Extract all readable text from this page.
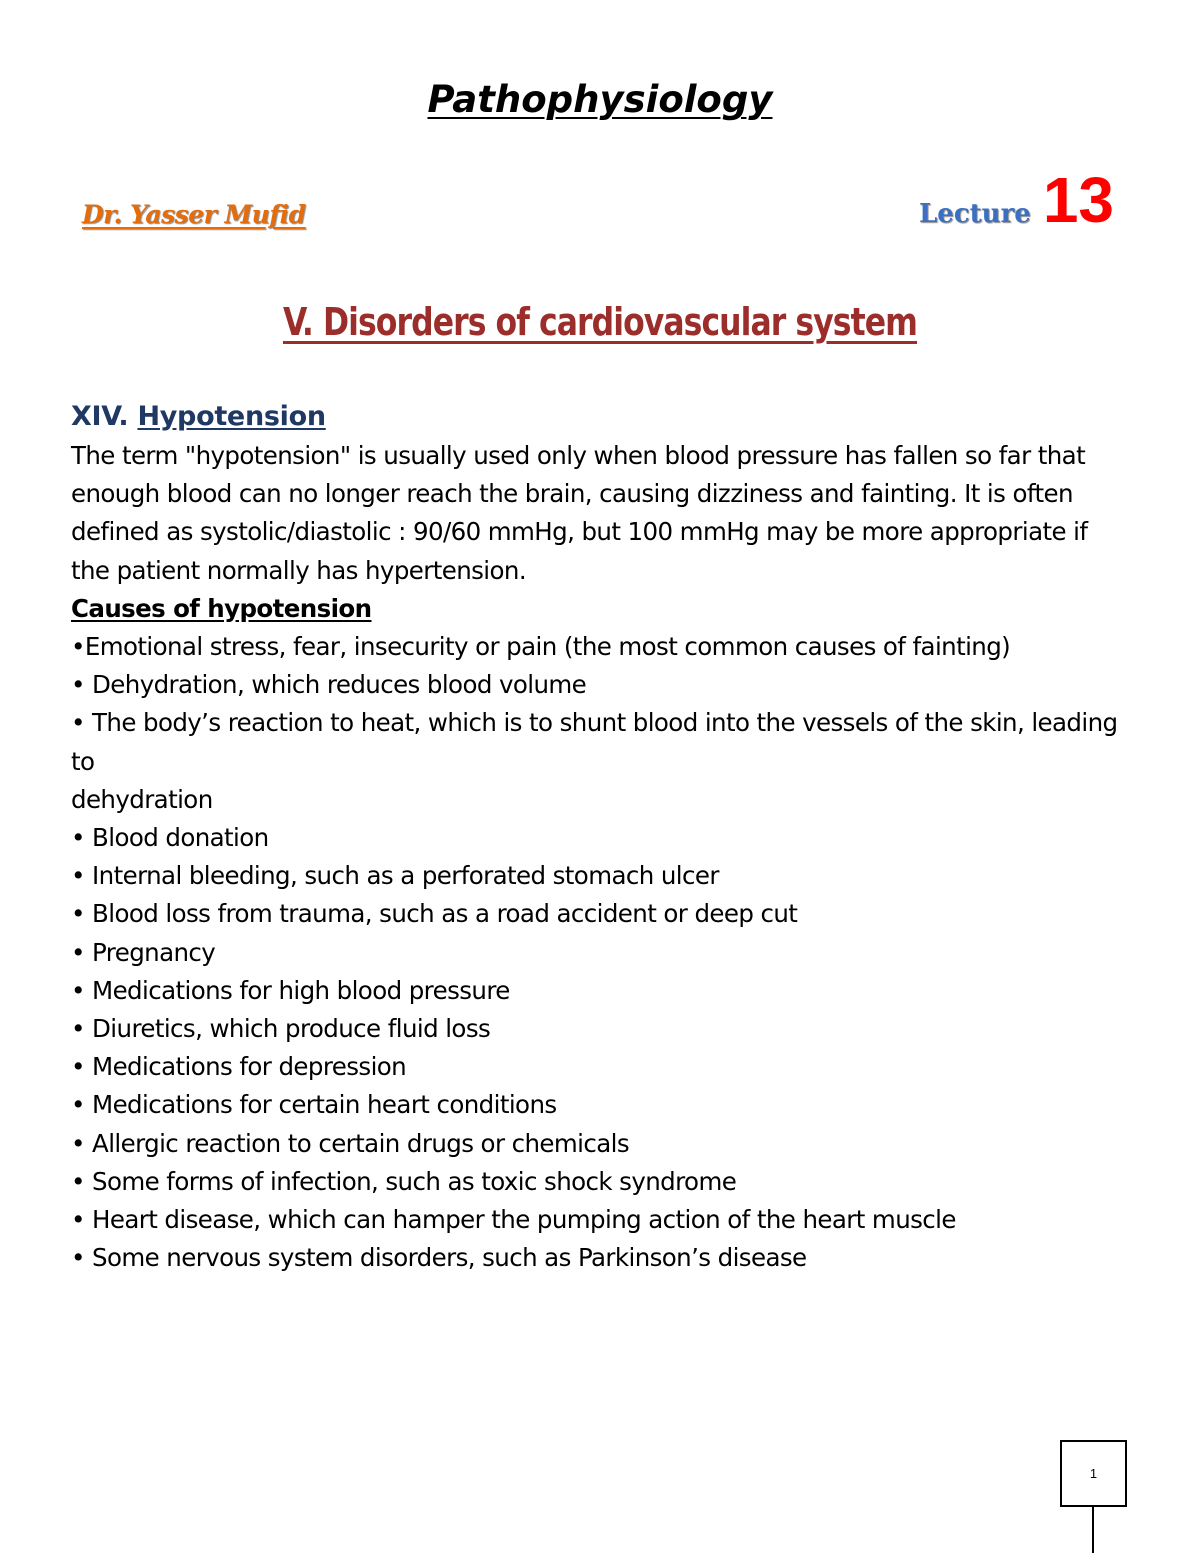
Pathophysiology
Dr. Yasser Mufid	Lecture 13
V. Disorders of cardiovascular system
XIV. Hypotension

The term "hypotension" is usually used only when blood pressure has fallen so far that enough blood can no longer reach the brain, causing dizziness and fainting. It is often defined as systolic/diastolic : 90/60 mmHg, but 100 mmHg may be more appropriate if the patient normally has hypertension.

Causes of hypotension
•Emotional stress, fear, insecurity or pain (the most common causes of fainting)
• Dehydration, which reduces blood volume
• The body’s reaction to heat, which is to shunt blood into the vessels of the skin, leading to
dehydration
• Blood donation
• Internal bleeding, such as a perforated stomach ulcer
• Blood loss from trauma, such as a road accident or deep cut
• Pregnancy
• Medications for high blood pressure
• Diuretics, which produce fluid loss
• Medications for depression
• Medications for certain heart conditions
• Allergic reaction to certain drugs or chemicals
• Some forms of infection, such as toxic shock syndrome
• Heart disease, which can hamper the pumping action of the heart muscle
• Some nervous system disorders, such as Parkinson’s disease
1
